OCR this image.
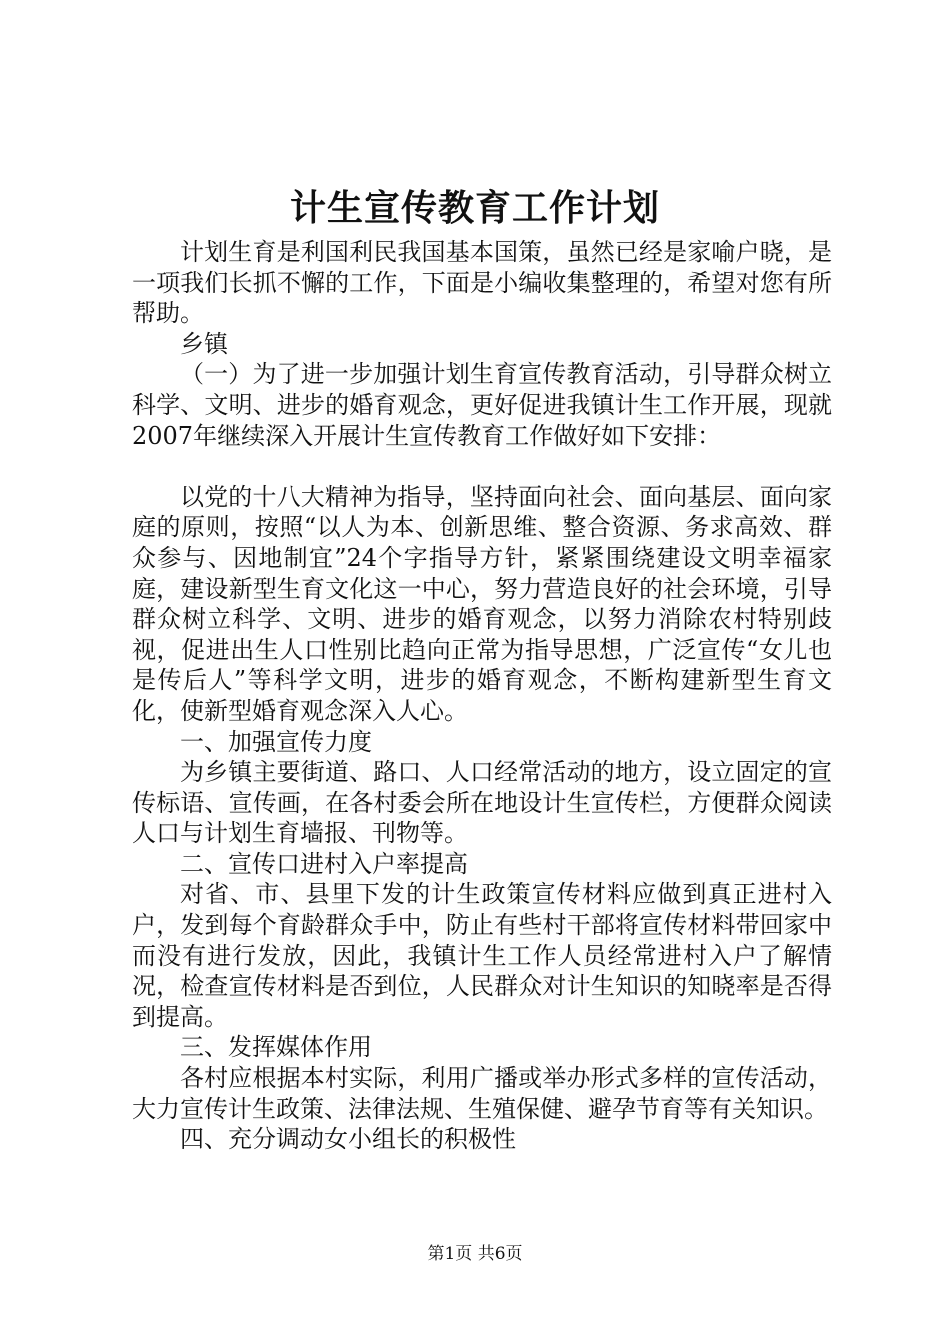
计生宣传教育工作计划

计划生育是利国利民我国基本国策，虽然已经是家喻户晓，是一项我们长抓不懈的工作，下面是小编收集整理的，希望对您有所帮助。

乡镇

（一）为了进一步加强计划生育宣传教育活动，引导群众树立科学、文明、进步的婚育观念，更好促进我镇计生工作开展，现就2007年继续深入开展计生宣传教育工作做好如下安排：

以党的十八大精神为指导，坚持面向社会、面向基层、面向家庭的原则，按照“以人为本、创新思维、整合资源、务求高效、群众参与、因地制宜”24个字指导方针，紧紧围绕建设文明幸福家庭，建设新型生育文化这一中心，努力营造良好的社会环境，引导群众树立科学、文明、进步的婚育观念，以努力消除农村特别歧视，促进出生人口性别比趋向正常为指导思想，广泛宣传“女儿也是传后人”等科学文明，进步的婚育观念，不断构建新型生育文化，使新型婚育观念深入人心。

一、加强宣传力度

为乡镇主要街道、路口、人口经常活动的地方，设立固定的宣传标语、宣传画，在各村委会所在地设计生宣传栏，方便群众阅读人口与计划生育墙报、刊物等。

二、宣传口进村入户率提高

对省、市、县里下发的计生政策宣传材料应做到真正进村入户，发到每个育龄群众手中，防止有些村干部将宣传材料带回家中而没有进行发放，因此，我镇计生工作人员经常进村入户了解情况，检查宣传材料是否到位，人民群众对计生知识的知晓率是否得到提高。

三、发挥媒体作用

各村应根据本村实际，利用广播或举办形式多样的宣传活动，大力宣传计生政策、法律法规、生殖保健、避孕节育等有关知识。

四、充分调动女小组长的积极性

第1页 共6页
